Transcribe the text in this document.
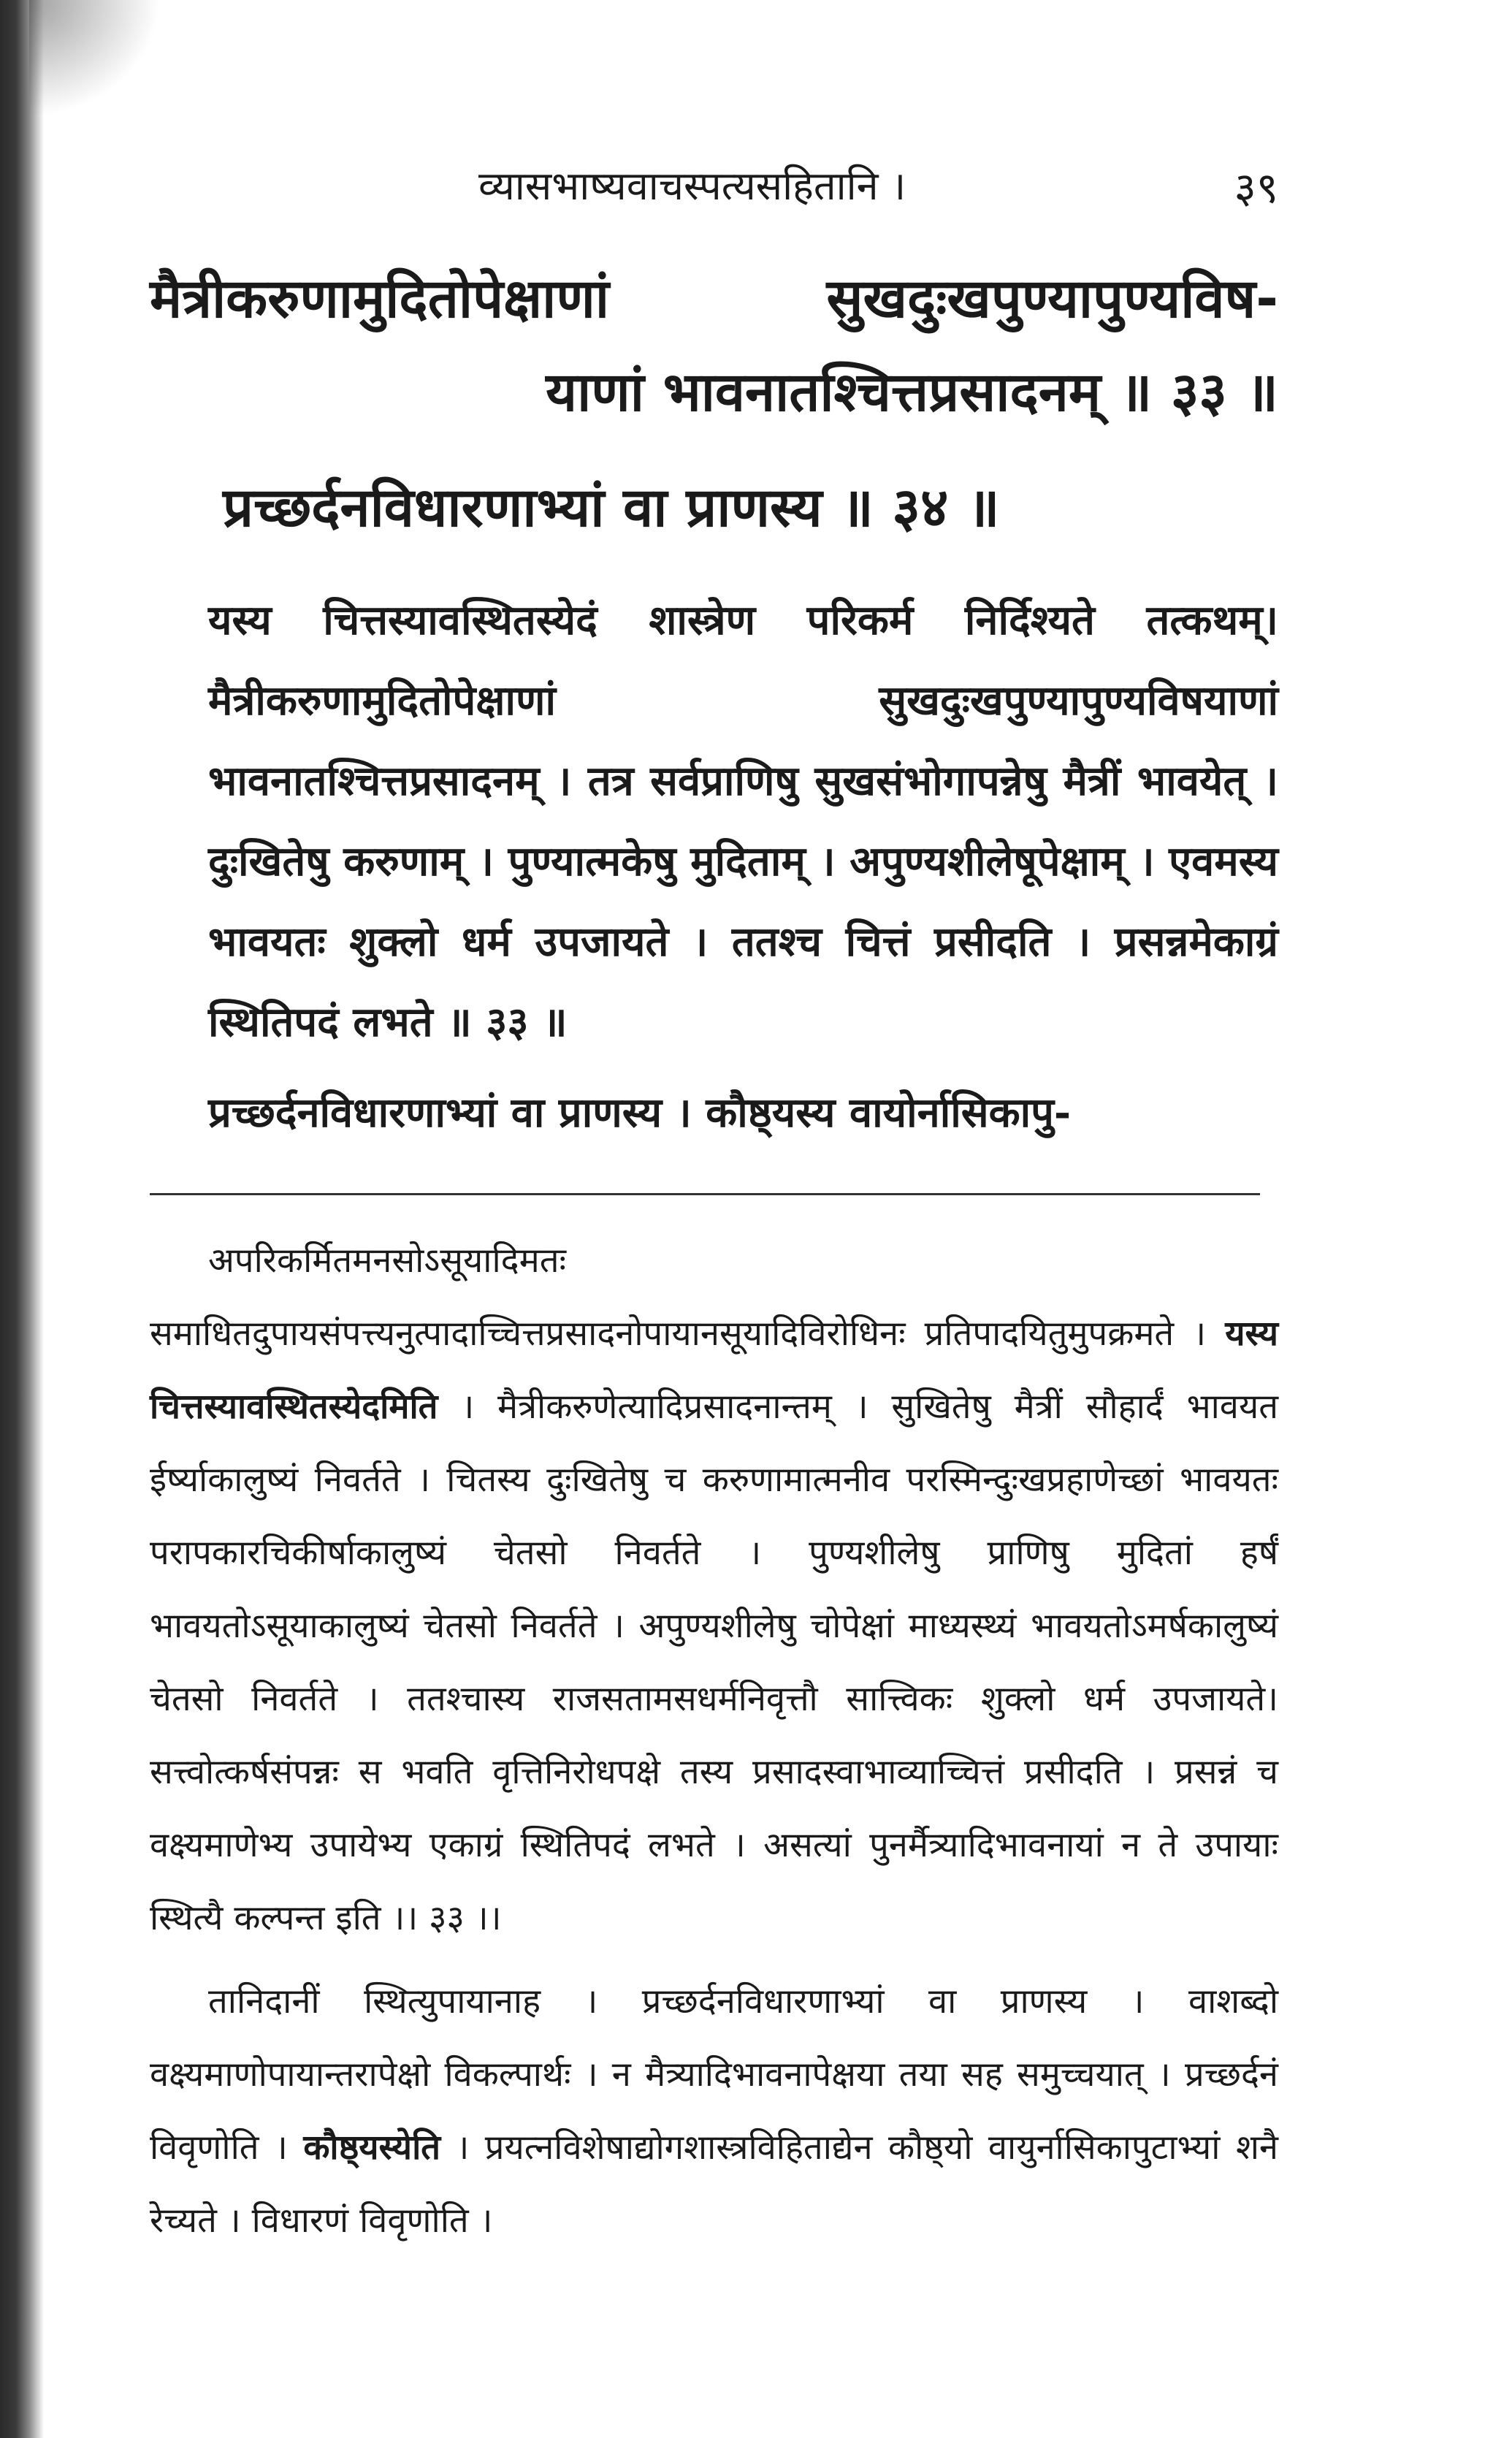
व्यासभाष्यवाचस्पत्यसहितानि ।	३९
मैत्रीकरुणामुदितोपेक्षाणां सुखदुःखपुण्यापुण्यविष-
याणां भावनातश्चित्तप्रसादनम् ॥ ३३ ॥
प्रच्छर्दनविधारणाभ्यां वा प्राणस्य ॥ ३४ ॥

यस्य चित्तस्यावस्थितस्येदं शास्त्रेण परिकर्म निर्दिश्यते तत्कथम्। मैत्रीकरुणामुदितोपेक्षाणां सुखदुःखपुण्यापुण्यविषयाणां भावनातश्चित्तप्रसादनम् । तत्र सर्वप्राणिषु सुखसंभोगापन्नेषु मैत्रीं भावयेत् । दुःखितेषु करुणाम् । पुण्यात्मकेषु मुदिताम् । अपुण्यशीलेषूपेक्षाम् । एवमस्य भावयतः शुक्लो धर्म उपजायते । ततश्च चित्तं प्रसीदति । प्रसन्नमेकाग्रं स्थितिपदं लभते ॥ ३३ ॥

प्रच्छर्दनविधारणाभ्यां वा प्राणस्य । कौष्ठ्यस्य वायोर्नासिकापु-

अपरिकर्मितमनसोऽसूयादिमतः समाधितदुपायसंपत्त्यनुत्पादाच्चित्तप्रसादनोपायानसूयादिविरोधिनः प्रतिपादयितुमुपक्रमते । यस्य चित्तस्यावस्थितस्येदमिति । मैत्रीकरुणेत्यादिप्रसादनान्तम् । सुखितेषु मैत्रीं सौहार्दं भावयत ईर्ष्याकालुष्यं निवर्तते । चितस्य दुःखितेषु च करुणामात्मनीव परस्मिन्दुःखप्रहाणेच्छां भावयतः परापकारचिकीर्षाकालुष्यं चेतसो निवर्तते । पुण्यशीलेषु प्राणिषु मुदितां हर्षं भावयतोऽसूयाकालुष्यं चेतसो निवर्तते । अपुण्यशीलेषु चोपेक्षां माध्यस्थ्यं भावयतोऽमर्षकालुष्यं चेतसो निवर्तते । ततश्चास्य राजसतामसधर्मनिवृत्तौ सात्त्विकः शुक्लो धर्म उपजायते। सत्त्वोत्कर्षसंपन्नः स भवति वृत्तिनिरोधपक्षे तस्य प्रसादस्वाभाव्याच्चित्तं प्रसीदति । प्रसन्नं च वक्ष्यमाणेभ्य उपायेभ्य एकाग्रं स्थितिपदं लभते । असत्यां पुनर्मैत्र्यादिभावनायां न ते उपायाः स्थित्यै कल्पन्त इति ।। ३३ ।।

तानिदानीं स्थित्युपायानाह । प्रच्छर्दनविधारणाभ्यां वा प्राणस्य । वाशब्दो वक्ष्यमाणोपायान्तरापेक्षो विकल्पार्थः । न मैत्र्यादिभावनापेक्षया तया सह समुच्चयात् । प्रच्छर्दनं विवृणोति । कौष्ठ्यस्येति । प्रयत्नविशेषाद्योगशास्त्रविहिताद्येन कौष्ठ्यो वायुर्नासिकापुटाभ्यां शनै रेच्यते । विधारणं विवृणोति ।
